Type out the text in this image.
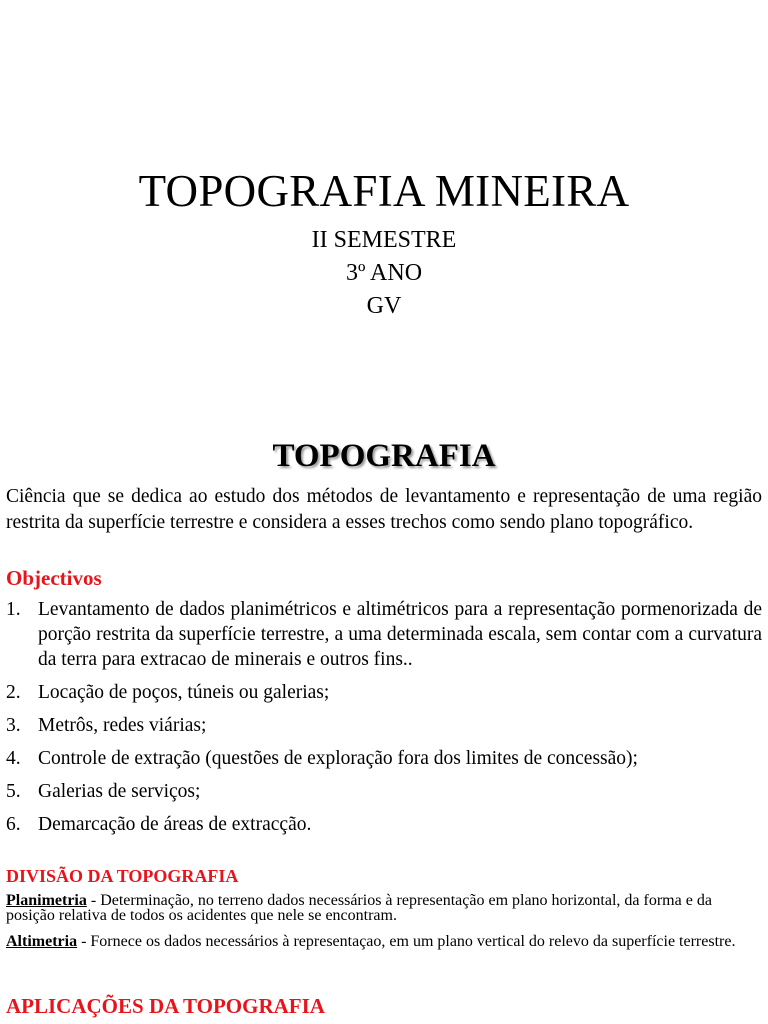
TOPOGRAFIA MINEIRA
II SEMESTRE
3º ANO
GV
TOPOGRAFIA
Ciência que se dedica ao estudo dos métodos de levantamento e representação de uma região restrita da superfície terrestre e considera a esses trechos como sendo plano topográfico.
Objectivos
1. Levantamento de dados planimétricos e altimétricos para a representação pormenorizada de porção restrita da superfície terrestre, a uma determinada escala, sem contar com a curvatura da terra para extracao de minerais e outros fins..
2. Locação de poços, túneis ou galerias;
3. Metrôs, redes viárias;
4. Controle de extração (questões de exploração fora dos limites de concessão);
5. Galerias de serviços;
6. Demarcação de áreas de extracção.
DIVISÃO DA TOPOGRAFIA
Planimetria - Determinação, no terreno dados necessários à representação em plano horizontal, da forma e da posição relativa de todos os acidentes que nele se encontram.
Altimetria - Fornece os dados necessários à representaçao, em um plano vertical do relevo da superfície terrestre.
APLICAÇÕES DA TOPOGRAFIA
